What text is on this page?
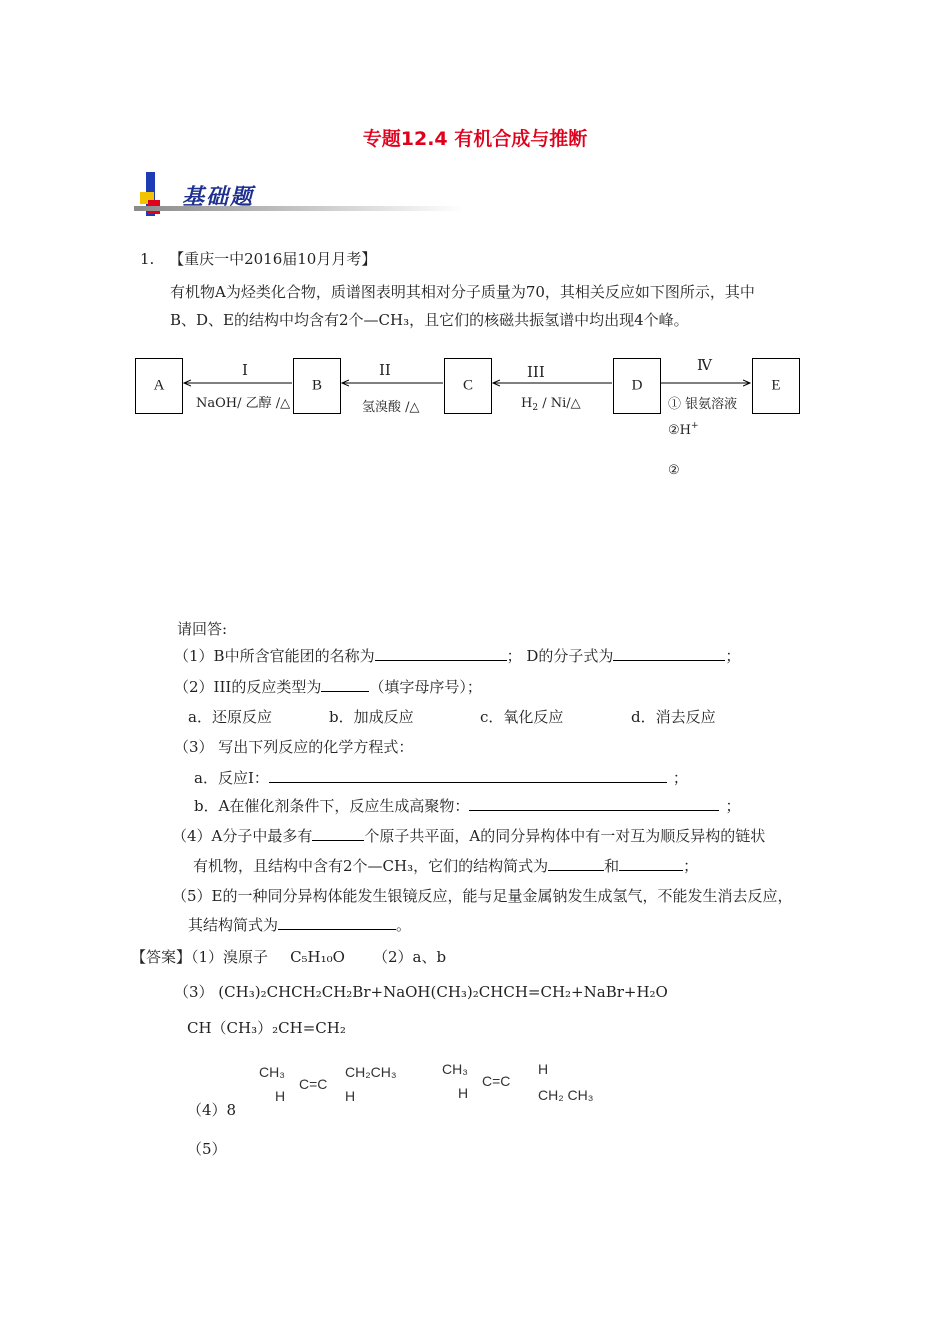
专题12.4 有机合成与推断
基础题
1. 【重庆一中2016届10月月考】
有机物A为烃类化合物，质谱图表明其相对分子质量为70，其相关反应如下图所示，其中
B、D、E的结构中均含有2个—CH₃，且它们的核磁共振氢谱中均出现4个峰。
A	B	C	D	E
I
NaOH/ 乙醇 /△
II
氢溴酸 /△
III
$H_2$ / Ni/△
Ⅳ
① 银氨溶液
②H+
②
请回答:
（1）B中所含官能团的名称为	； D的分子式为	；
（2）III的反应类型为	（填字母序号）；
a．还原反应	b．加成反应	c．氧化反应	d．消去反应
（3） 写出下列反应的化学方程式：
a．反应Ⅰ：	；
b．A在催化剂条件下，反应生成高聚物：	；
（4）A分子中最多有	个原子共平面，A的同分异构体中有一对互为顺反异构的链状
有机物，且结构中含有2个—CH₃，它们的结构简式为	和	；
（5）E的一种同分异构体能发生银镜反应，能与足量金属钠发生成氢气，不能发生消去反应，
其结构简式为	。
【答案】（1）溴原子 C₅H₁₀O （2）a、b
（3） (CH₃)₂CHCH₂CH₂Br+NaOH(CH₃)₂CHCH=CH₂+NaBr+H₂O
CH（CH₃）₂CH=CH₂
CH₃
H
C=C
CH₂CH₃
H
CH₃
H
C=C
H
CH₂ CH₃
（4）8
（5）
